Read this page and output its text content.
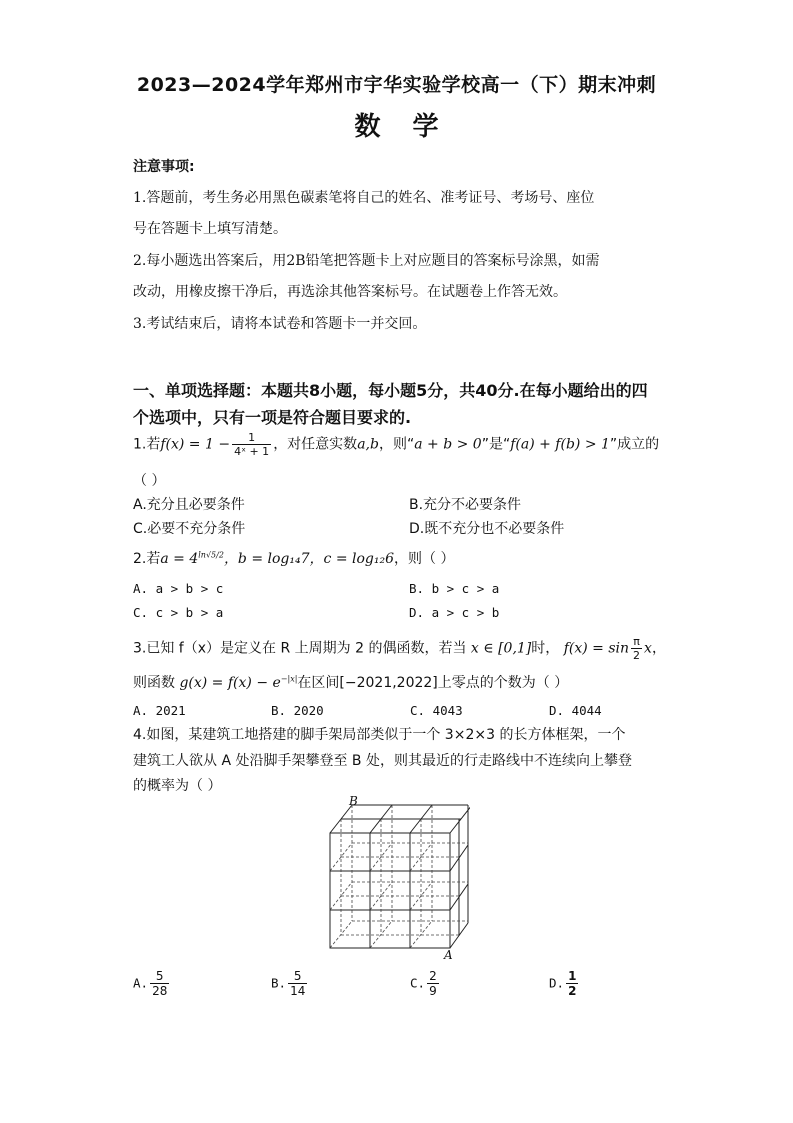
2023—2024学年郑州市宇华实验学校高一（下）期末冲刺
数学
注意事项:
1.答题前，考生务必用黑色碳素笔将自己的姓名、准考证号、考场号、座位
号在答题卡上填写清楚。
2.每小题选出答案后，用2B铅笔把答题卡上对应题目的答案标号涂黑，如需
改动，用橡皮擦干净后，再选涂其他答案标号。在试题卷上作答无效。
3.考试结束后，请将本试卷和答题卡一并交回。
一、单项选择题：本题共8小题，每小题5分，共40分.在每小题给出的四
个选项中，只有一项是符合题目要求的.
1.若$f(x) = 1 - \frac{1}{\text{4ˣ + 1}}$ ，对任意实数a,b，则“a + b > 0”是“f(a) + f(b) > 1”成立的
（ ）
A.充分且必要条件	B.充分不必要条件
C.必要不充分条件	D.既不充分也不必要条件
2.若$a = 4^{ln√5/2}$，b = log₁₄7，c = log₁₂6，则（ ）
A. a > b > c	B. b > c > a
C. c > b > a	D. a > c > b
3.已知 f（x）是定义在 R 上周期为 2 的偶函数，若当 x ∈ [0,1]时， $f(x) = \sin \frac{\pi}{2}$ x，
则函数 $g(x) = f(x) - e^{-|x|}$在区间[−2021,2022]上零点的个数为（ ）
A. 2021	B. 2020	C. 4043	D. 4044
4.如图，某建筑工地搭建的脚手架局部类似于一个 3×2×3 的长方体框架，一个
建筑工人欲从 A 处沿脚手架攀登至 B 处，则其最近的行走路线中不连续向上攀登
的概率为（ ）
B
A
A. $\frac{5}{28}$	B. $\frac{5}{14}$	C. $\frac{2}{9}$	D. $\frac{1}{2}$
